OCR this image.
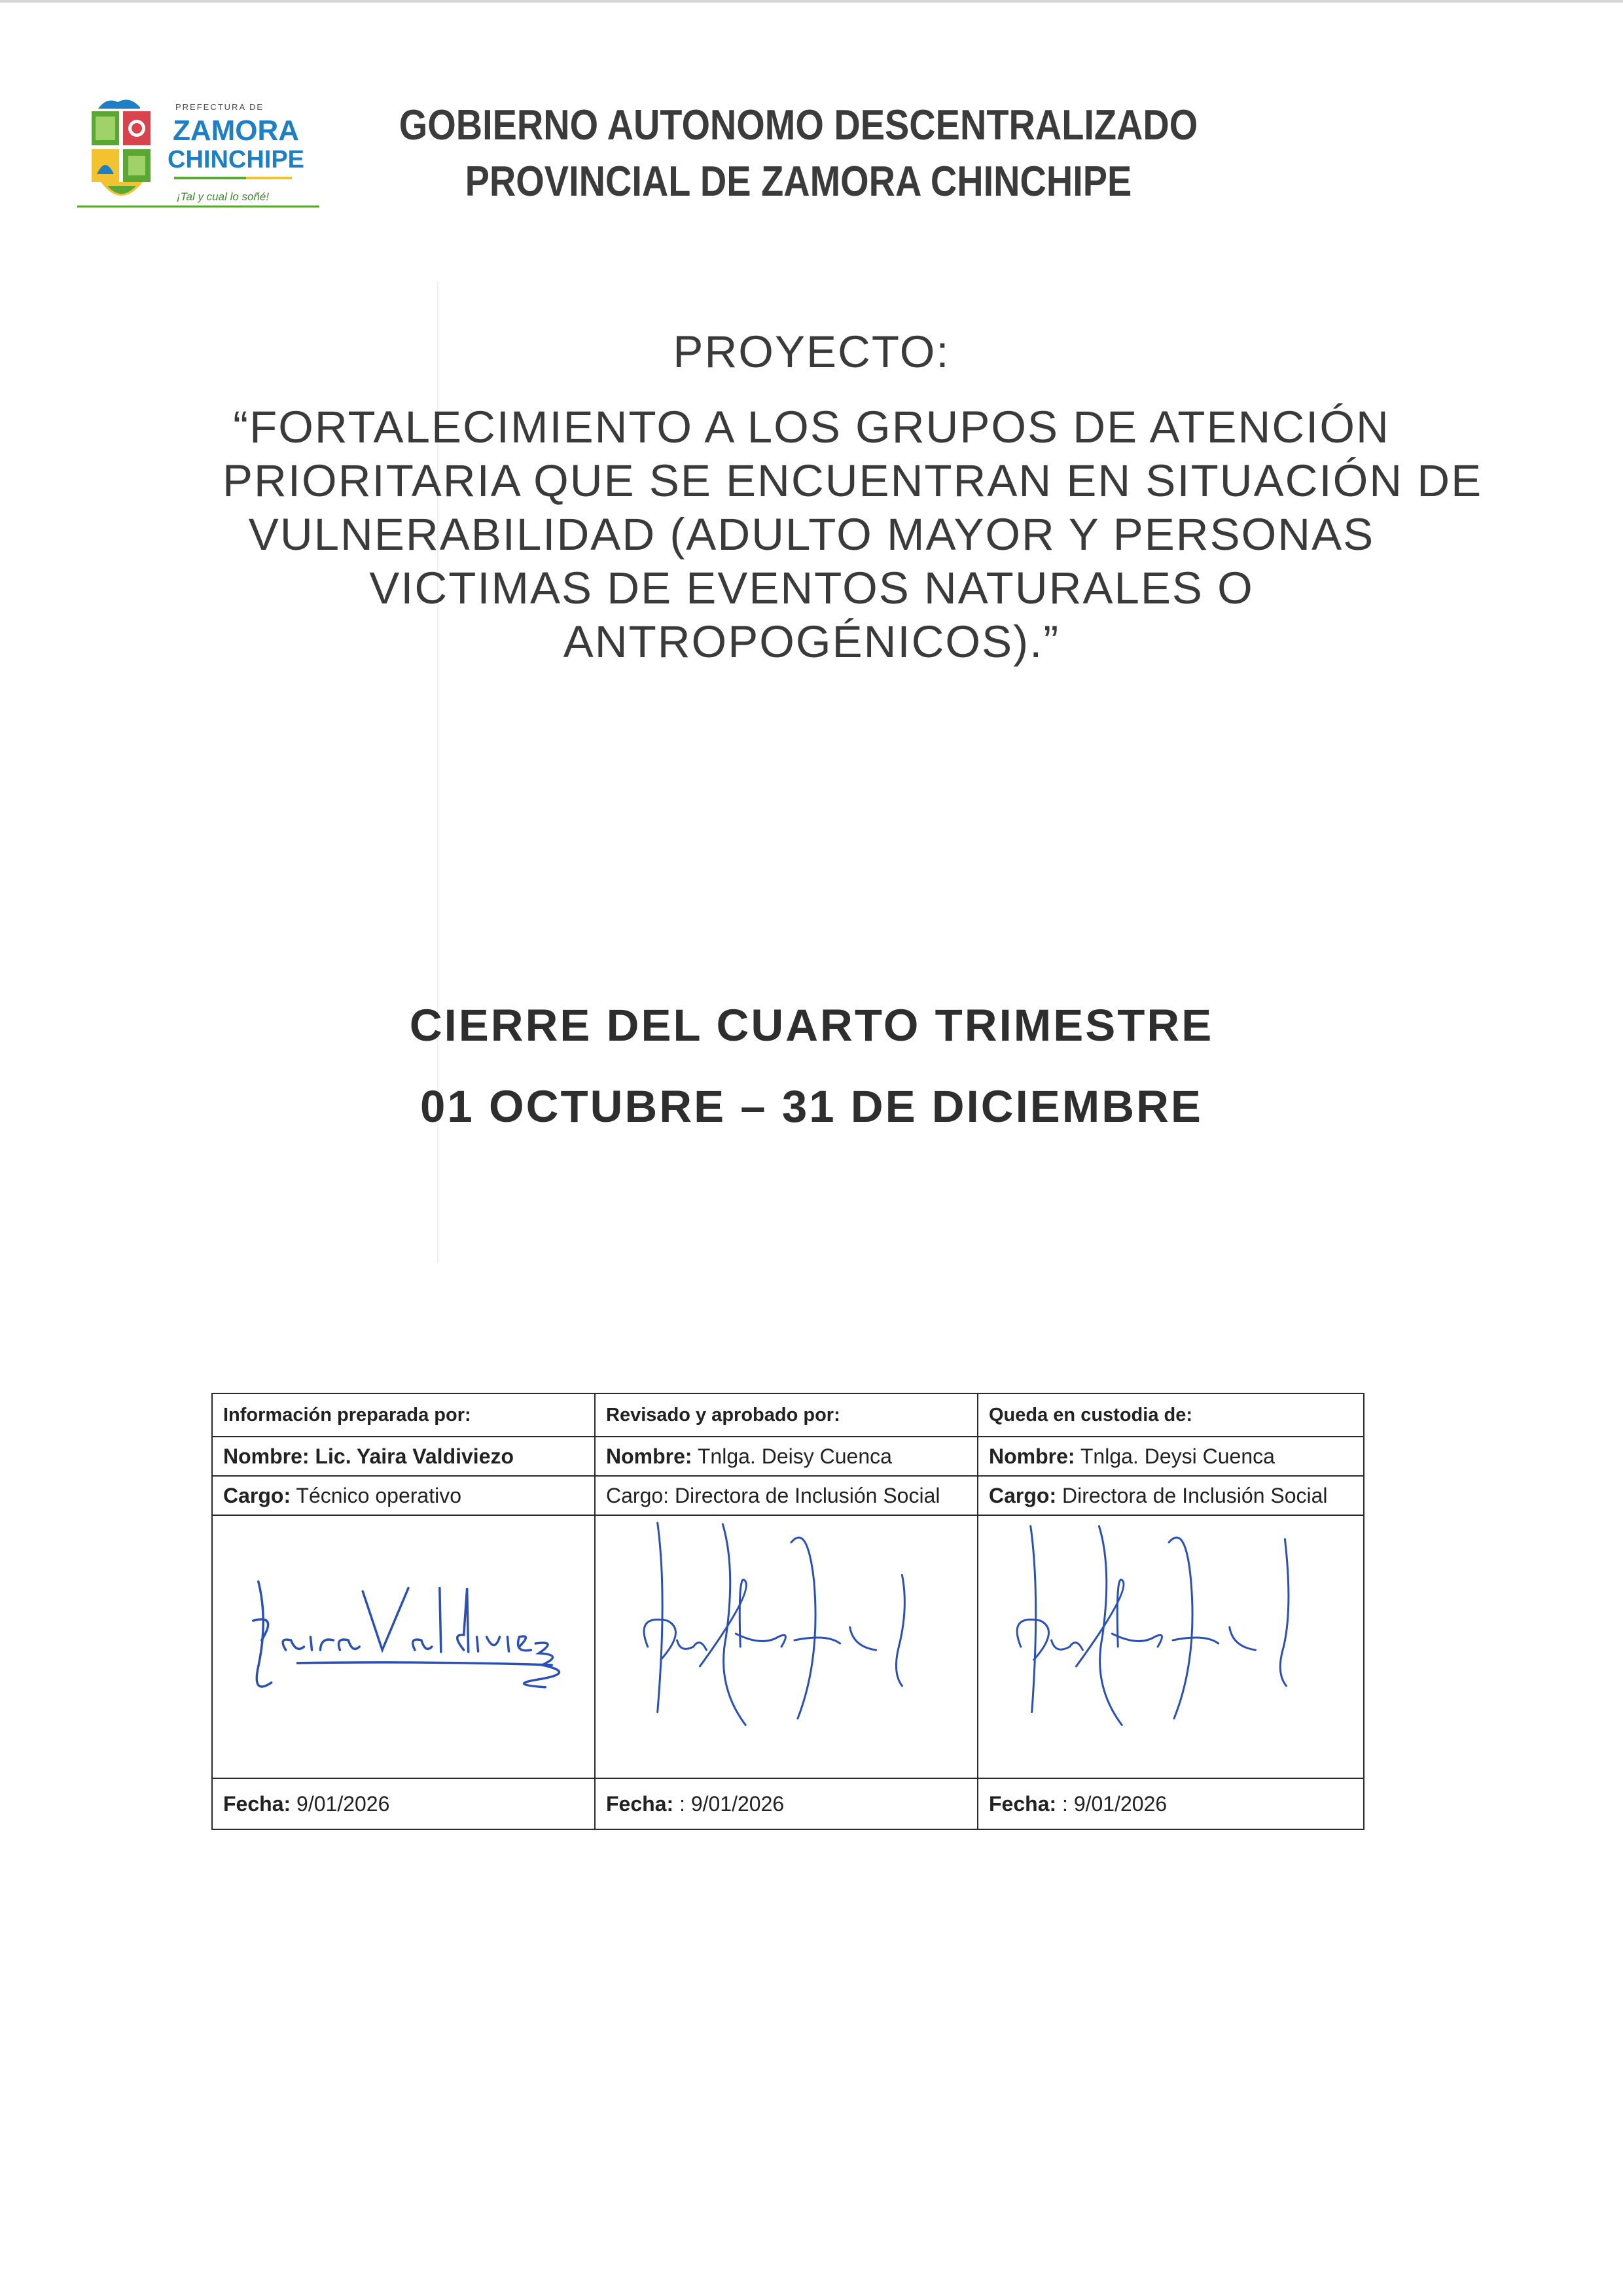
PREFECTURA DE
ZAMORA
CHINCHIPE
¡Tal y cual lo soñé!
GOBIERNO AUTONOMO DESCENTRALIZADO
PROVINCIAL DE ZAMORA CHINCHIPE
PROYECTO:
“FORTALECIMIENTO A LOS GRUPOS DE ATENCIÓN
PRIORITARIA QUE SE ENCUENTRAN EN SITUACIÓN DE
VULNERABILIDAD (ADULTO MAYOR Y PERSONAS
VICTIMAS DE EVENTOS NATURALES O
ANTROPOGÉNICOS).”
CIERRE DEL CUARTO TRIMESTRE
01 OCTUBRE – 31 DE DICIEMBRE
Información preparada por:	Revisado y aprobado por:	Queda en custodia de:
Nombre: Lic. Yaira Valdiviezo	Nombre: Tnlga. Deisy Cuenca	Nombre: Tnlga. Deysi Cuenca
Cargo: Técnico operativo	Cargo: Directora de Inclusión Social	Cargo: Directora de Inclusión Social

Fecha: 9/01/2026	Fecha: : 9/01/2026	Fecha: : 9/01/2026
